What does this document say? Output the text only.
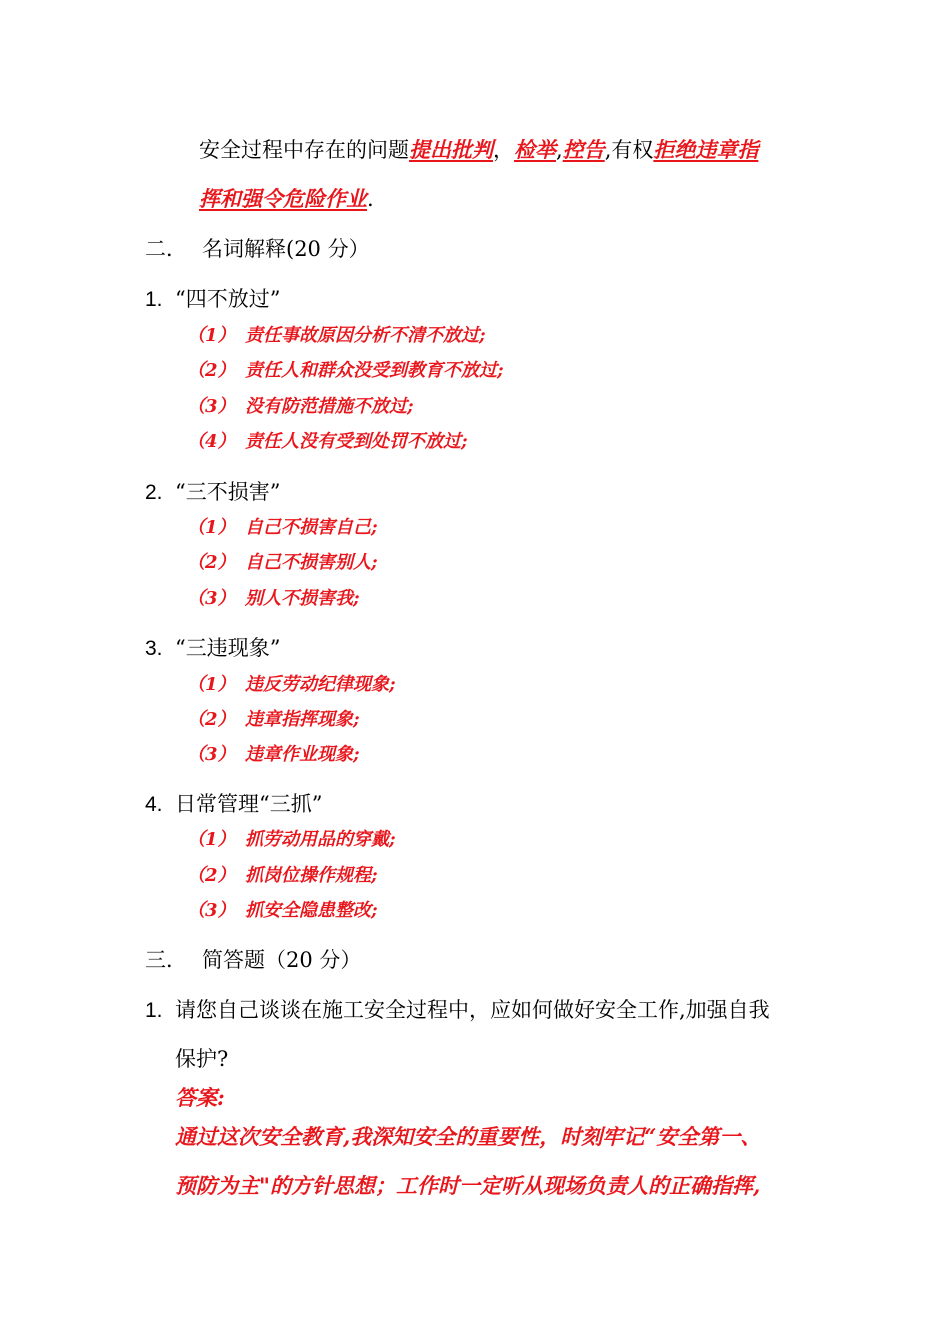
安全过程中存在的问题提出批判，检举,控告,有权拒绝违章指
挥和强令危险作业.
二． 名词解释(20 分）
1. “四不放过”
（1） 责任事故原因分析不清不放过;
（2） 责任人和群众没受到教育不放过;
（3） 没有防范措施不放过;
（4） 责任人没有受到处罚不放过;
2. “三不损害”
（1） 自己不损害自己;
（2） 自己不损害别人;
（3） 别人不损害我;
3. “三违现象”
（1） 违反劳动纪律现象;
（2） 违章指挥现象;
（3） 违章作业现象;
4. 日常管理“三抓”
（1） 抓劳动用品的穿戴;
（2） 抓岗位操作规程;
（3） 抓安全隐患整改;
三． 简答题（20 分）
1. 请您自己谈谈在施工安全过程中，应如何做好安全工作,加强自我
保护?
答案:
通过这次安全教育,我深知安全的重要性，时刻牢记“安全第一、
预防为主"的方针思想；工作时一定听从现场负责人的正确指挥,
